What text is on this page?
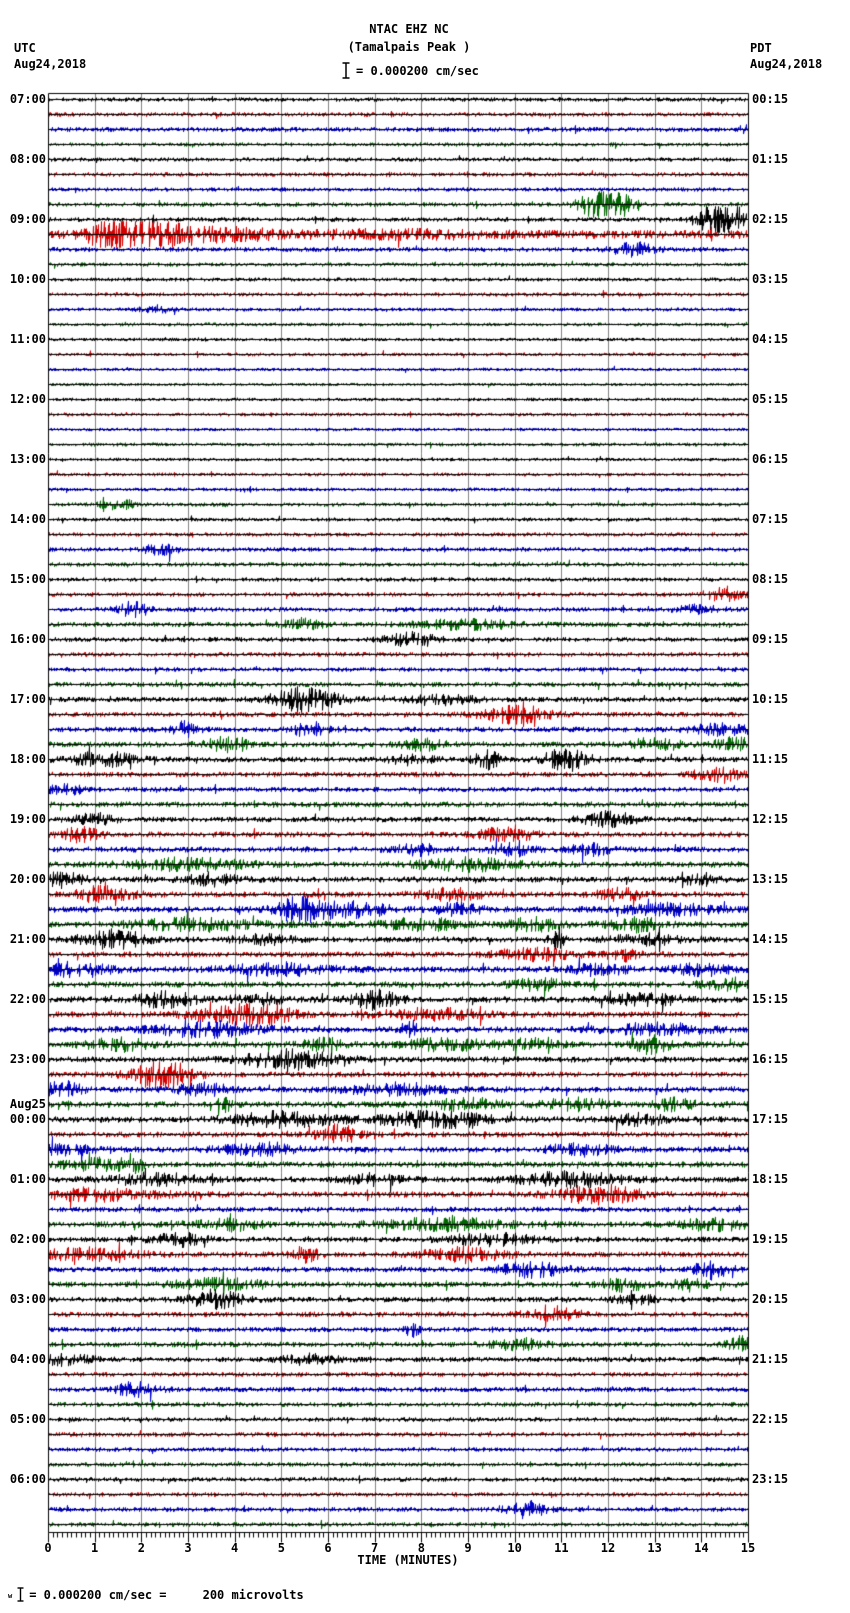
UTC
Aug24,2018
PDT
Aug24,2018
NTAC EHZ NC
(Tamalpais Peak )
= 0.000200 cm/sec
07:00
08:00
09:00
10:00
11:00
12:00
13:00
14:00
15:00
16:00
17:00
18:00
19:00
20:00
21:00
22:00
23:00
00:00
Aug25
01:00
02:00
03:00
04:00
05:00
06:00
00:15
01:15
02:15
03:15
04:15
05:15
06:15
07:15
08:15
09:15
10:15
11:15
12:15
13:15
14:15
15:15
16:15
17:15
18:15
19:15
20:15
21:15
22:15
23:15
0	1	2	3	4	5	6	7	8	9	10	11	12	13	14	15
TIME (MINUTES)
w = 0.000200 cm/sec =     200 microvolts
